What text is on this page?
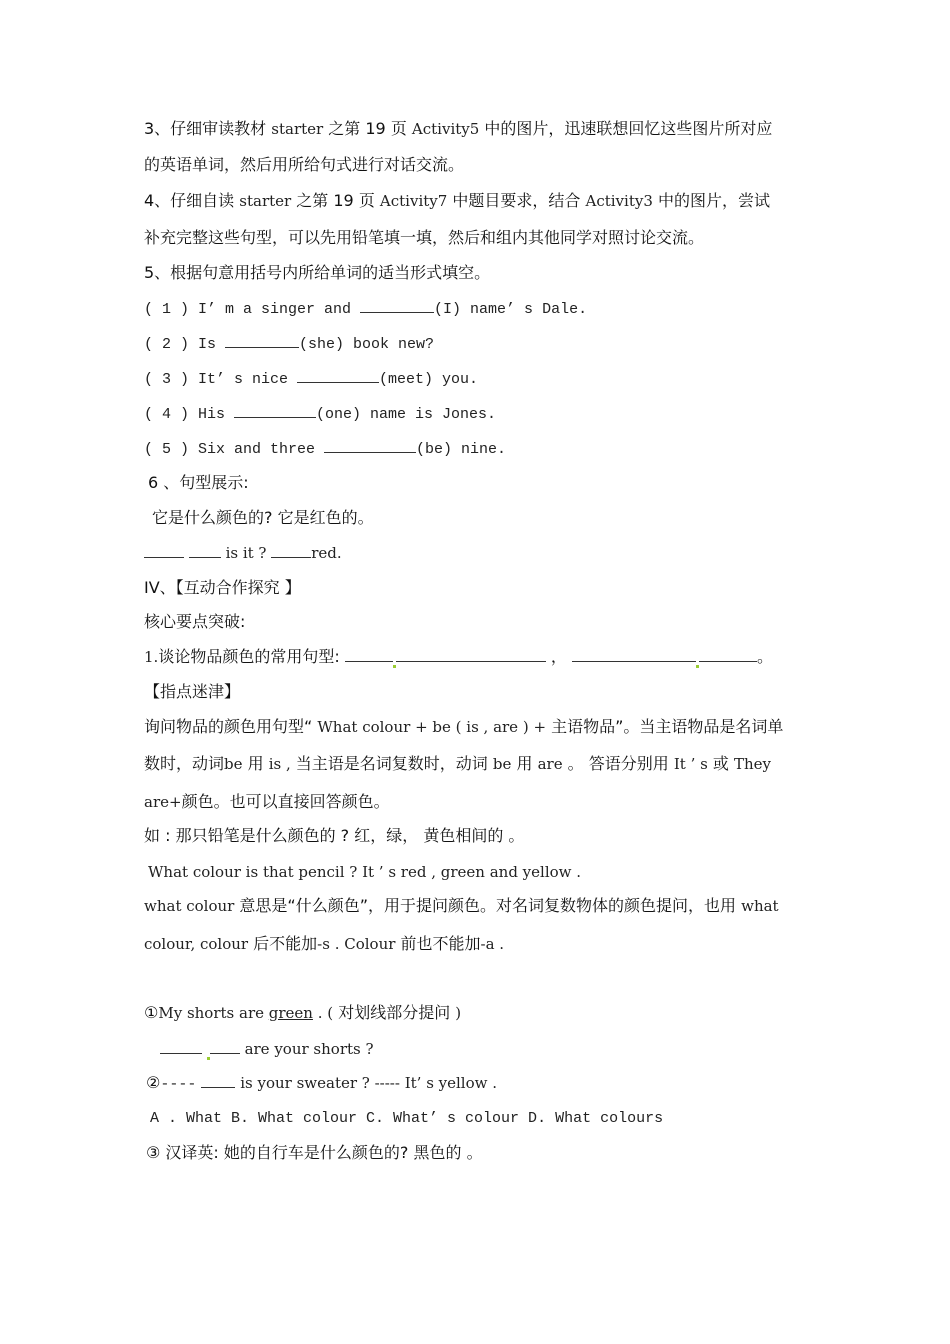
3、仔细审读教材 starter 之第 19 页 Activity5 中的图片，迅速联想回忆这些图片所对应
的英语单词，然后用所给句式进行对话交流。
4、仔细自读 starter 之第 19 页 Activity7 中题目要求，结合 Activity3 中的图片，尝试
补充完整这些句型，可以先用铅笔填一填，然后和组内其他同学对照讨论交流。
5、根据句意用括号内所给单词的适当形式填空。
( 1 ) I’ m a singer and	(I) name’ s Dale.
( 2 ) Is	(she) book new?
( 3 ) It’ s nice	(meet) you.
( 4 ) His	(one) name is Jones.
( 5 ) Six and three	(be) nine.
6 、句型展示:
它是什么颜色的? 它是红色的。
is it ?	red.
IV、【互动合作探究 】
核心要点突破:
1.谈论物品颜色的常用句型:	，	。
【指点迷津】
询问物品的颜色用句型“ What colour + be ( is , are ) + 主语物品”。当主语物品是名词单
数时，动词be 用 is , 当主语是名词复数时，动词 be 用 are 。 答语分别用 It ’ s 或 They
are+颜色。也可以直接回答颜色。
如 : 那只铅笔是什么颜色的 ? 红，绿， 黄色相间的 。
What colour is that pencil ? It ’ s red , green and yellow .
what colour 意思是“什么颜色”，用于提问颜色。对名词复数物体的颜色提问，也用 what
colour, colour 后不能加-s . Colour 前也不能加-a .
①My shorts are green . ( 对划线部分提问 )
are your shorts ?
②----	is your sweater ? ----- It’ s yellow .
A . What B. What colour C. What’ s colour D. What colours
③ 汉译英: 她的自行车是什么颜色的? 黑色的 。
